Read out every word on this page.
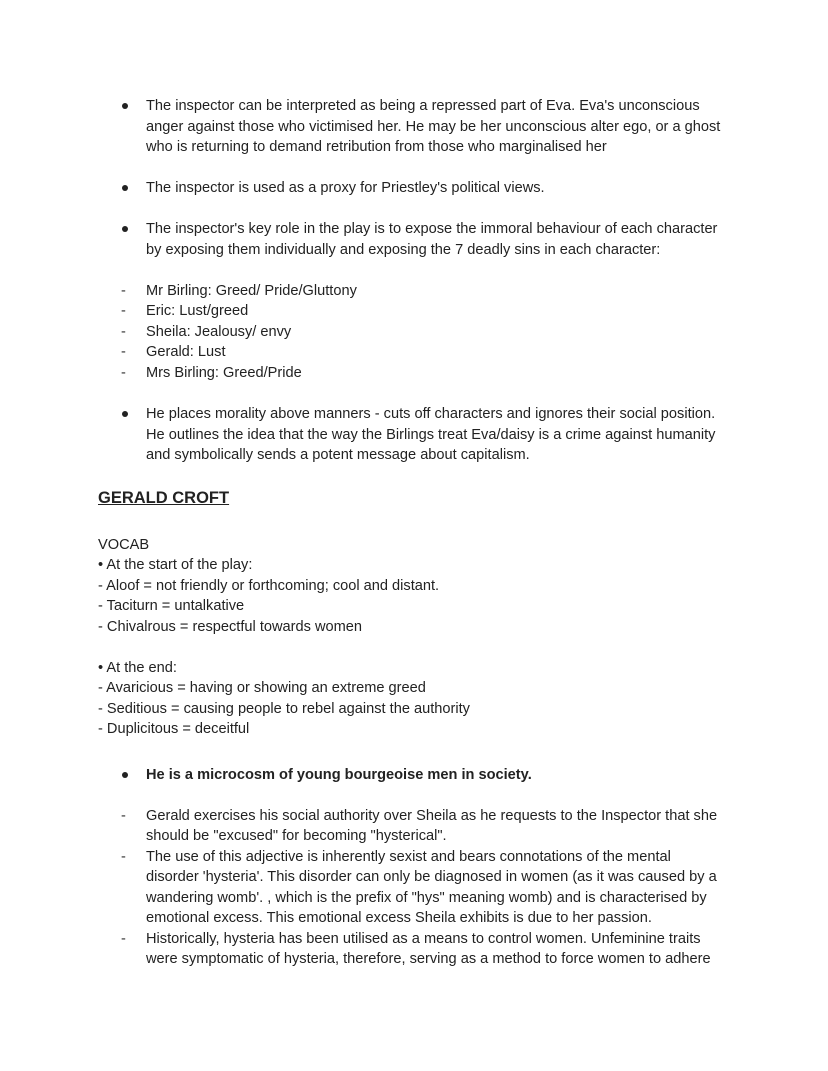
The inspector can be interpreted as being a repressed part of Eva. Eva's unconscious
anger against those who victimised her. He may be her unconscious alter ego, or a ghost
who is returning to demand retribution from those who marginalised her
The inspector is used as a proxy for Priestley's political views.
The inspector's key role in the play is to expose the immoral behaviour of each character
by exposing them individually and exposing the 7 deadly sins in each character:
- Mr Birling: Greed/ Pride/Gluttony
- Eric: Lust/greed
- Sheila: Jealousy/ envy
- Gerald: Lust
- Mrs Birling: Greed/Pride
He places morality above manners - cuts off characters and ignores their social position.
He outlines the idea that the way the Birlings treat Eva/daisy is a crime against humanity
and symbolically sends a potent message about capitalism.
GERALD CROFT
VOCAB
• At the start of the play:
- Aloof = not friendly or forthcoming; cool and distant.
- Taciturn = untalkative
- Chivalrous = respectful towards women
• At the end:
- Avaricious = having or showing an extreme greed
- Seditious = causing people to rebel against the authority
- Duplicitous = deceitful
He is a microcosm of young bourgeoise men in society.
- Gerald exercises his social authority over Sheila as he requests to the Inspector that she
should be "excused" for becoming "hysterical".
- The use of this adjective is inherently sexist and bears connotations of the mental
disorder 'hysteria'. This disorder can only be diagnosed in women (as it was caused by a
wandering womb'. , which is the prefix of "hys" meaning womb) and is characterised by
emotional excess. This emotional excess Sheila exhibits is due to her passion.
- Historically, hysteria has been utilised as a means to control women. Unfeminine traits
were symptomatic of hysteria, therefore, serving as a method to force women to adhere
